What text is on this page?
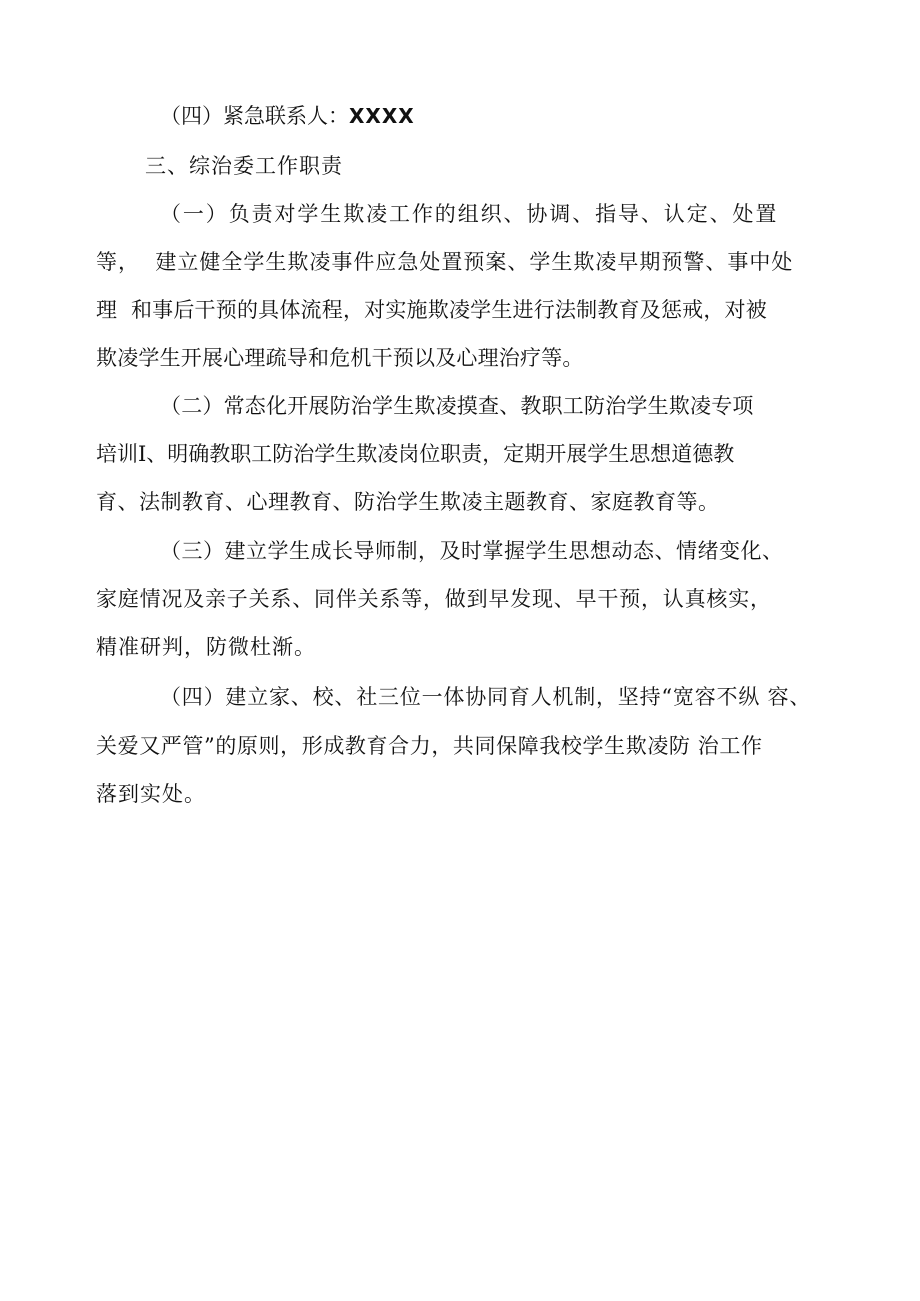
（四）紧急联系人：XXXX
三、综治委工作职责
（一）负责对学生欺凌工作的组织、协调、指导、认定、处置
等，  建立健全学生欺凌事件应急处置预案、学生欺凌早期预警、事中处
理  和事后干预的具体流程，对实施欺凌学生进行法制教育及惩戒，对被
欺凌学生开展心理疏导和危机干预以及心理治疗等。
（二）常态化开展防治学生欺凌摸查、教职工防治学生欺凌专项
培训I、明确教职工防治学生欺凌岗位职责，定期开展学生思想道德教
育、法制教育、心理教育、防治学生欺凌主题教育、家庭教育等。
（三）建立学生成长导师制，及时掌握学生思想动态、情绪变化、
家庭情况及亲子关系、同伴关系等，做到早发现、早干预，认真核实，
精准研判，防微杜渐。
（四）建立家、校、社三位一体协同育人机制，坚持“宽容不纵 容、
关爱又严管”的原则，形成教育合力，共同保障我校学生欺凌防 治工作
落到实处。
